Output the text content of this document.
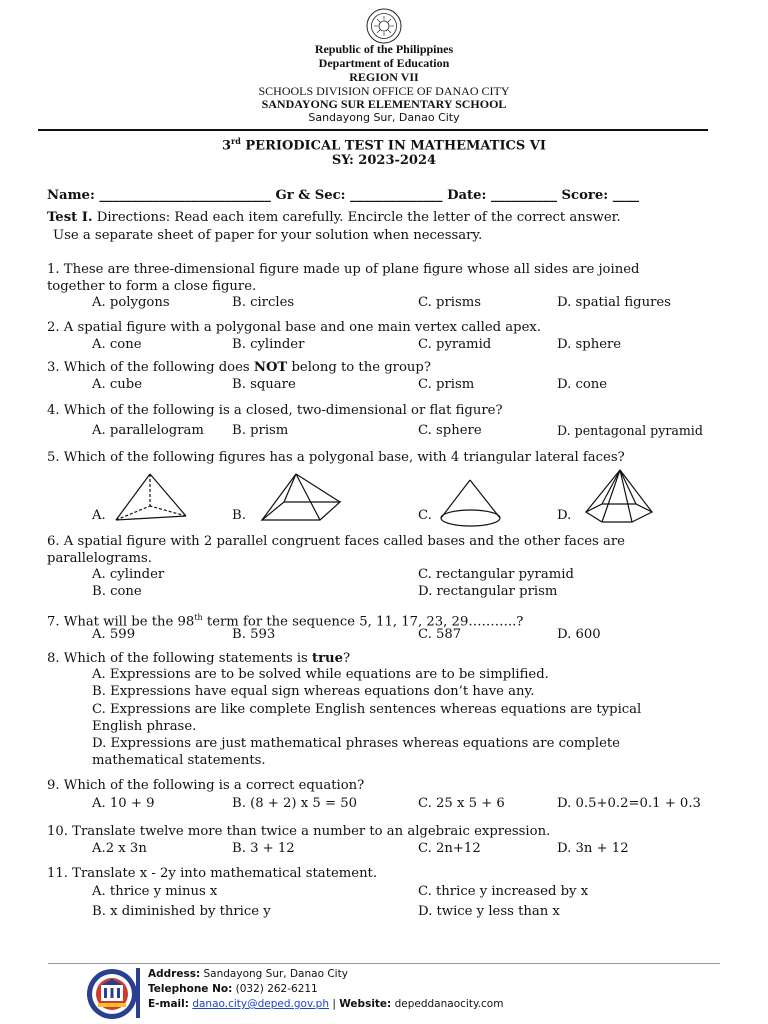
Republic of the Philippines
Department of Education
REGION VII
SCHOOLS DIVISION OFFICE OF DANAO CITY
SANDAYONG SUR ELEMENTARY SCHOOL
Sandayong Sur, Danao City
3rd PERIODICAL TEST IN MATHEMATICS VI
SY: 2023-2024
Name: __________________________ Gr & Sec: ______________ Date: __________ Score: ____
Test I. Directions: Read each item carefully. Encircle the letter of the correct answer.
Use a separate sheet of paper for your solution when necessary.
1. These are three-dimensional figure made up of plane figure whose all sides are joined
together to form a close figure.
A. polygons	B. circles	C. prisms	D. spatial figures
2. A spatial figure with a polygonal base and one main vertex called apex.
A. cone	B. cylinder	C. pyramid	D. sphere
3. Which of the following does NOT belong to the group?
A. cube	B. square	C. prism	D. cone
4. Which of the following is a closed, two-dimensional or flat figure?
A. parallelogram B. prism	C. sphere	D. pentagonal pyramid
5. Which of the following figures has a polygonal base, with 4 triangular lateral faces?
A.	B.	C.	D.
6. A spatial figure with 2 parallel congruent faces called bases and the other faces are
parallelograms.
A. cylinder	C. rectangular pyramid
B. cone	D. rectangular prism
7. What will be the 98th term for the sequence 5, 11, 17, 23, 29………..?
A. 599	B. 593	C. 587	D. 600
8. Which of the following statements is true?
A. Expressions are to be solved while equations are to be simplified.
B. Expressions have equal sign whereas equations don’t have any.
C. Expressions are like complete English sentences whereas equations are typical
English phrase.
D. Expressions are just mathematical phrases whereas equations are complete
mathematical statements.
9. Which of the following is a correct equation?
A. 10 + 9	B. (8 + 2) x 5 = 50	C. 25 x 5 + 6	D. 0.5+0.2=0.1 + 0.3
10. Translate twelve more than twice a number to an algebraic expression.
A.2 x 3n	B. 3 + 12	C. 2n+12	D. 3n + 12
11. Translate x - 2y into mathematical statement.
A. thrice y minus x	C. thrice y increased by x
B. x diminished by thrice y	D. twice y less than x
Address: Sandayong Sur, Danao City
Telephone No: (032) 262-6211
E-mail: danao.city@deped.gov.ph | Website: depeddanaocity.com
